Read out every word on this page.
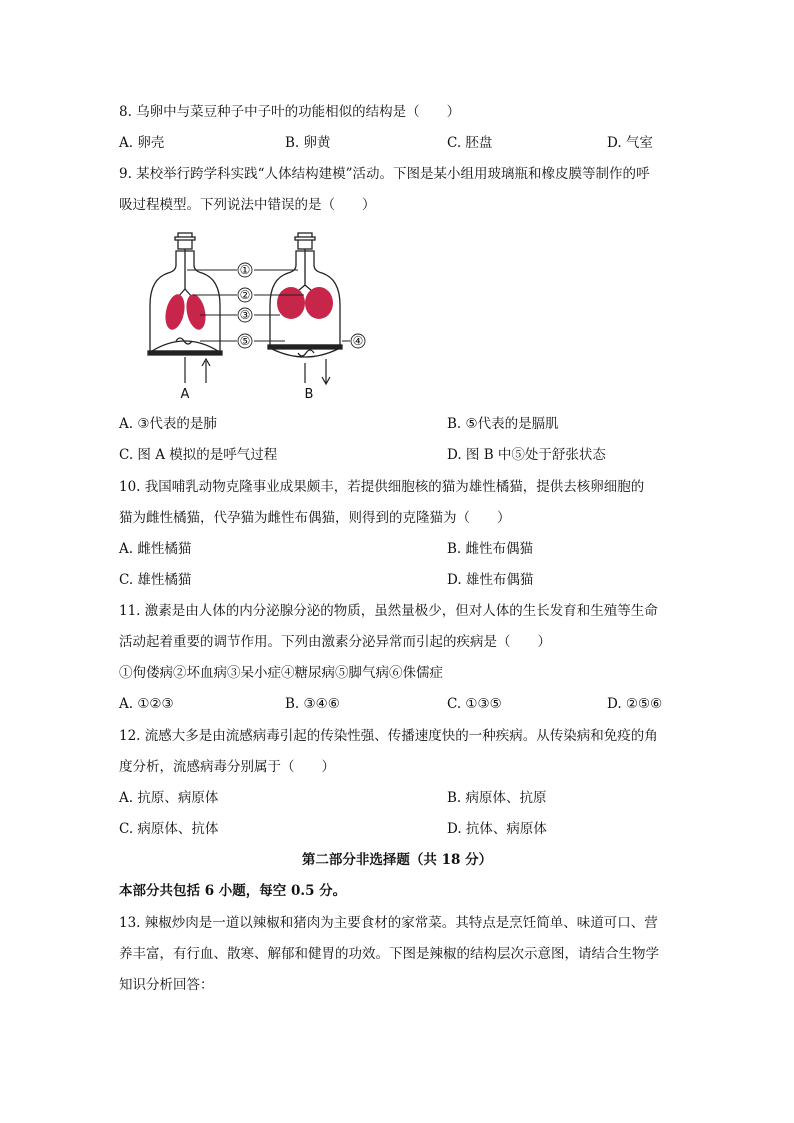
8. 乌卵中与菜豆种子中子叶的功能相似的结构是（　　）
A. 卵壳	B. 卵黄	C. 胚盘	D. 气室
9. 某校举行跨学科实践“人体结构建模”活动。下图是某小组用玻璃瓶和橡皮膜等制作的呼
吸过程模型。下列说法中错误的是（　　）
①
②
③
⑤	④
A	B
A. ③代表的是肺	B. ⑤代表的是膈肌
C. 图 A 模拟的是呼气过程	D. 图 B 中⑤处于舒张状态
10. 我国哺乳动物克隆事业成果颇丰，若提供细胞核的猫为雄性橘猫，提供去核卵细胞的
猫为雌性橘猫，代孕猫为雌性布偶猫，则得到的克隆猫为（　　）
A. 雌性橘猫	B. 雌性布偶猫
C. 雄性橘猫	D. 雄性布偶猫
11. 激素是由人体的内分泌腺分泌的物质，虽然量极少，但对人体的生长发育和生殖等生命
活动起着重要的调节作用。下列由激素分泌异常而引起的疾病是（　　）
①佝偻病②坏血病③呆小症④糖尿病⑤脚气病⑥侏儒症
A. ①②③	B. ③④⑥	C. ①③⑤	D. ②⑤⑥
12. 流感大多是由流感病毒引起的传染性强、传播速度快的一种疾病。从传染病和免疫的角
度分析，流感病毒分别属于（　　）
A. 抗原、病原体	B. 病原体、抗原
C. 病原体、抗体	D. 抗体、病原体
第二部分非选择题（共 18 分）
本部分共包括 6 小题，每空 0.5 分。
13. 辣椒炒肉是一道以辣椒和猪肉为主要食材的家常菜。其特点是烹饪简单、味道可口、营
养丰富，有行血、散寒、解郁和健胃的功效。下图是辣椒的结构层次示意图，请结合生物学
知识分析回答：
